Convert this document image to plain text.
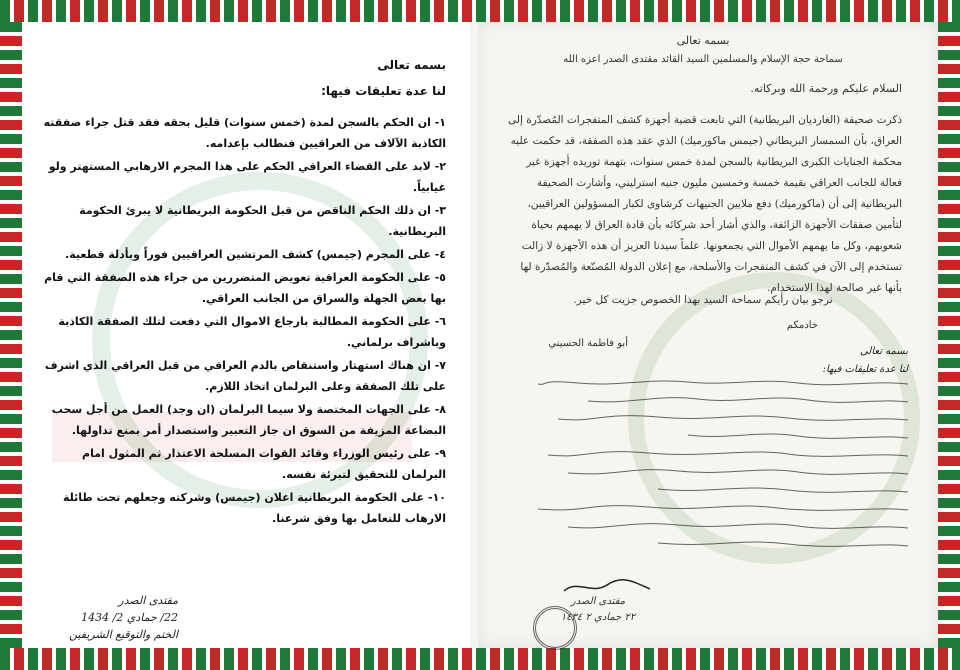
بسمه تعالى
لنا عدة تعليقات فيها:
١- ان الحكم بالسجن لمدة (خمس سنوات) قليل بحقه فقد قتل جراء صفقته الكاذبة الآلاف من العراقيين فنطالب بإعدامه.
٢- لابد على القضاء العراقي الحكم على هذا المجرم الارهابي المستهتر ولو غيابياً.
٣- ان ذلك الحكم الناقص من قبل الحكومة البريطانية لا يبرئ الحكومة البريطانية.
٤- على المجرم (جيمس) كشف المرتشين العراقيين فوراً وبأدلة قطعية.
٥- على الحكومة العراقية تعويض المتضررين من جراء هذه الصفقة التي قام بها بعض الجهلة والسراق من الجانب العراقي.
٦- على الحكومة المطالبة بارجاع الاموال التي دفعت لتلك الصفقة الكاذبة وباشراف برلماني.
٧- ان هناك استهتار واستنقاص بالدم العراقي من قبل العراقي الذي اشرف على تلك الصفقة وعلى البرلمان اتخاذ اللازم.
٨- على الجهات المختصة ولا سيما البرلمان (ان وجد) العمل من أجل سحب البضاعة المزيفة من السوق ان جاز التعبير واستصدار أمر بمنع تداولها.
٩- على رئيس الوزراء وقائد القوات المسلحة الاعتذار ثم المثول امام البرلمان للتحقيق لتبرئة نفسه.
١٠- على الحكومة البريطانية اعلان (جيمس) وشركته وجعلهم تحت طائلة الارهاب للتعامل بها وفق شرعنا.
مقتدى الصدر
22/ جمادي 2/ 1434
الختم والتوقيع الشريفين
بسمه تعالى
سماحة حجة الإسلام والمسلمين السيد القائد مقتدى الصدر اعزه الله
السلام عليكم ورحمة الله وبركاته.
ذكرت صحيفة (الغارديان البريطانية) التي تابعت قضية أجهزة كشف المتفجرات المُصدّرة إلى العراق، بأن السمسار البريطاني (جيمس ماكورميك) الذي عقد هذه الصفقة، قد حكمت عليه محكمة الجنايات الكبرى البريطانية بالسجن لمدة خمس سنوات، بتهمة توريده أجهزة غير فعالة للجانب العراقي بقيمة خمسة وخمسين مليون جنيه استرليني، وأشارت الصحيفة البريطانية إلى أن (ماكورميك) دفع ملايين الجنيهات كرشاوى لكبار المسؤولين العراقيين، لتأمين صفقات الأجهزة الزائفة، والذي أشار أحد شركائه بأن قادة العراق لا يهمهم بحياة شعوبهم، وكل ما يهمهم الأموال التي يجمعونها. علماً سيدنا العزيز أن هذه الأجهزة لا زالت تستخدم إلى الآن في كشف المتفجرات والأسلحة، مع إعلان الدولة المُصنّعة والمُصدّرة لها بأنها غير صالحة لهذا الاستخدام.
نرجو بيان رأيكم سماحة السيد بهذا الخصوص جزيت كل خير.
خادمكم
أبو فاطمة الحسيني
بسمه تعالى
لنا عدة تعليقات فيها:
مقتدى الصدر
٢٢ جمادي ٢ ١٤٣٤
